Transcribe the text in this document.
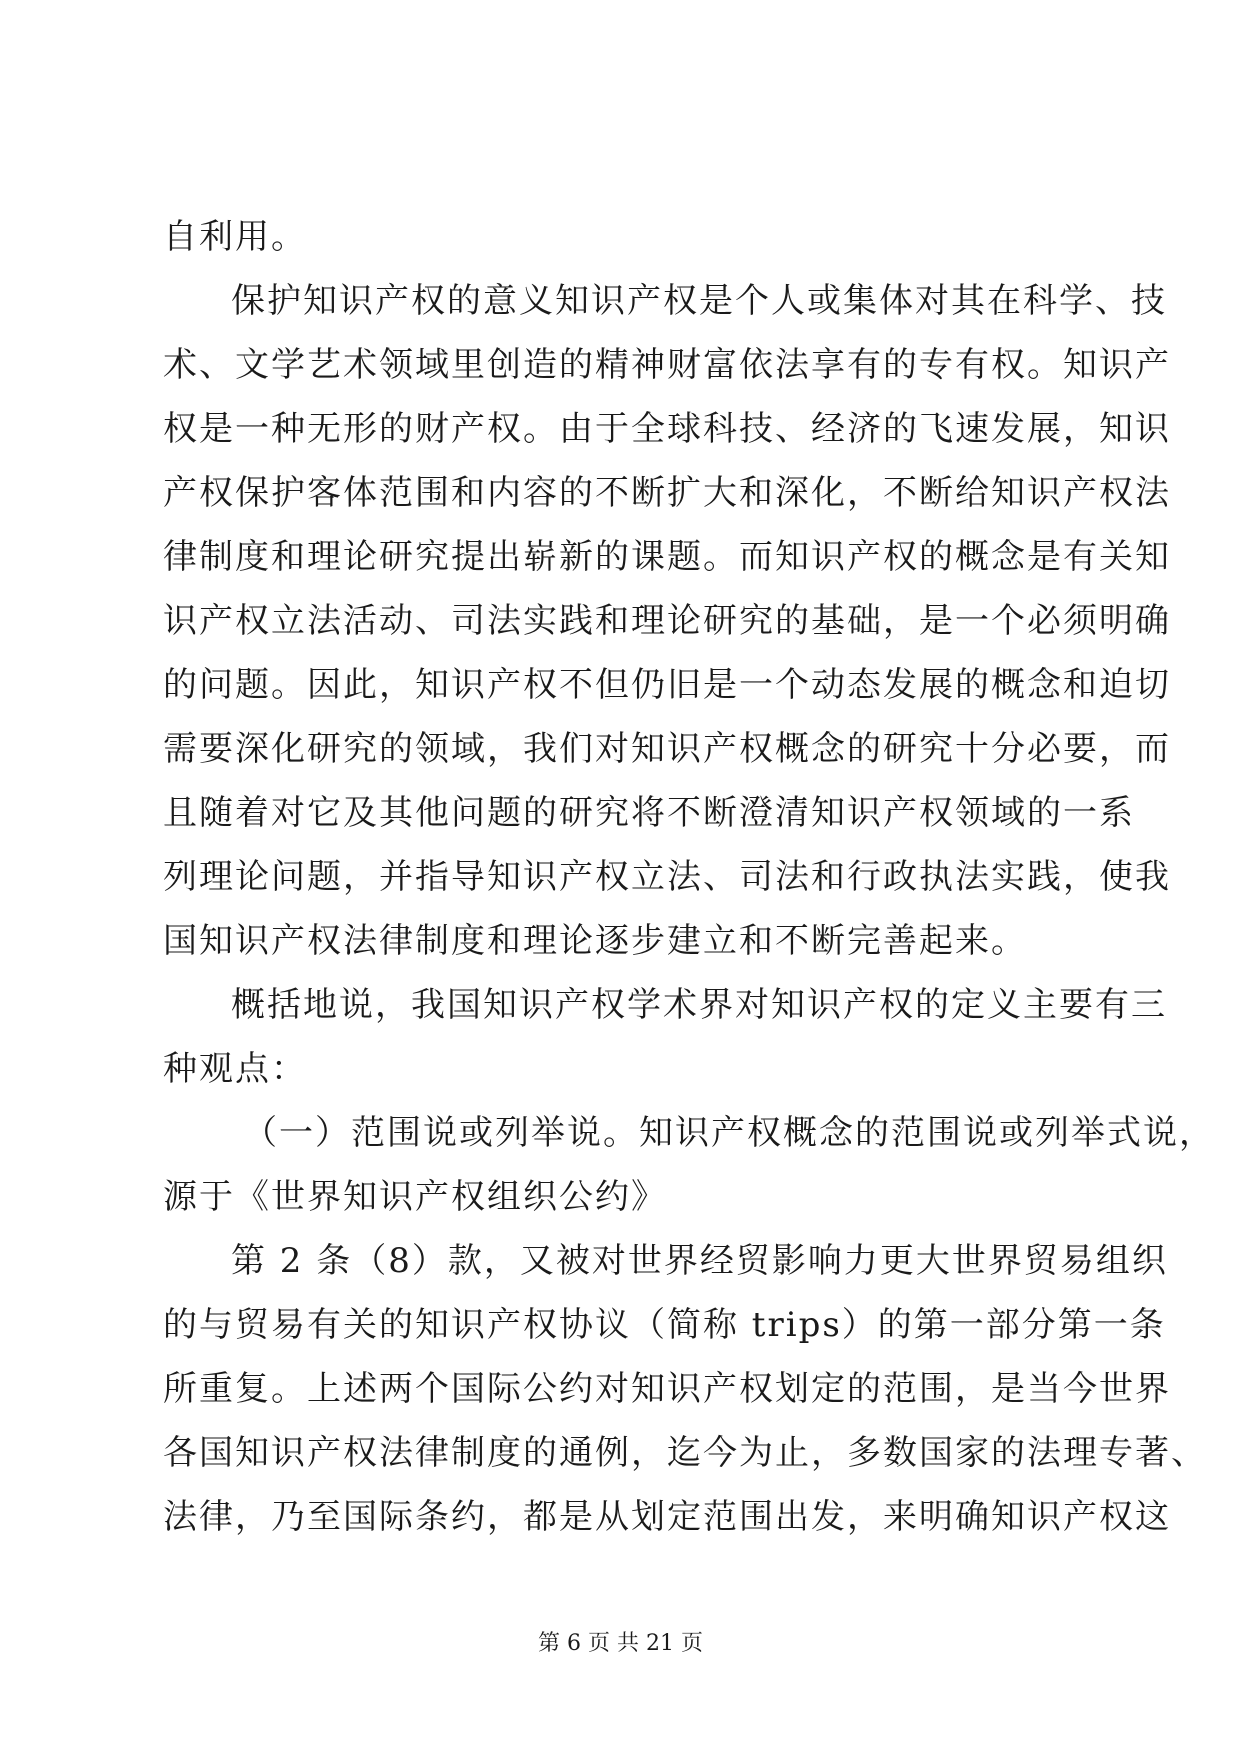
自利用。
保护知识产权的意义知识产权是个人或集体对其在科学、技
术、文学艺术领域里创造的精神财富依法享有的专有权。知识产
权是一种无形的财产权。由于全球科技、经济的飞速发展，知识
产权保护客体范围和内容的不断扩大和深化，不断给知识产权法
律制度和理论研究提出崭新的课题。而知识产权的概念是有关知
识产权立法活动、司法实践和理论研究的基础，是一个必须明确
的问题。因此，知识产权不但仍旧是一个动态发展的概念和迫切
需要深化研究的领域，我们对知识产权概念的研究十分必要，而
且随着对它及其他问题的研究将不断澄清知识产权领域的一系
列理论问题，并指导知识产权立法、司法和行政执法实践，使我
国知识产权法律制度和理论逐步建立和不断完善起来。
概括地说，我国知识产权学术界对知识产权的定义主要有三
种观点：
（一）范围说或列举说。知识产权概念的范围说或列举式说，
源于《世界知识产权组织公约》
第 2 条（8）款，又被对世界经贸影响力更大世界贸易组织
的与贸易有关的知识产权协议（简称 trips）的第一部分第一条
所重复。上述两个国际公约对知识产权划定的范围，是当今世界
各国知识产权法律制度的通例，迄今为止，多数国家的法理专著、
法律，乃至国际条约，都是从划定范围出发，来明确知识产权这
第 6 页 共 21 页
